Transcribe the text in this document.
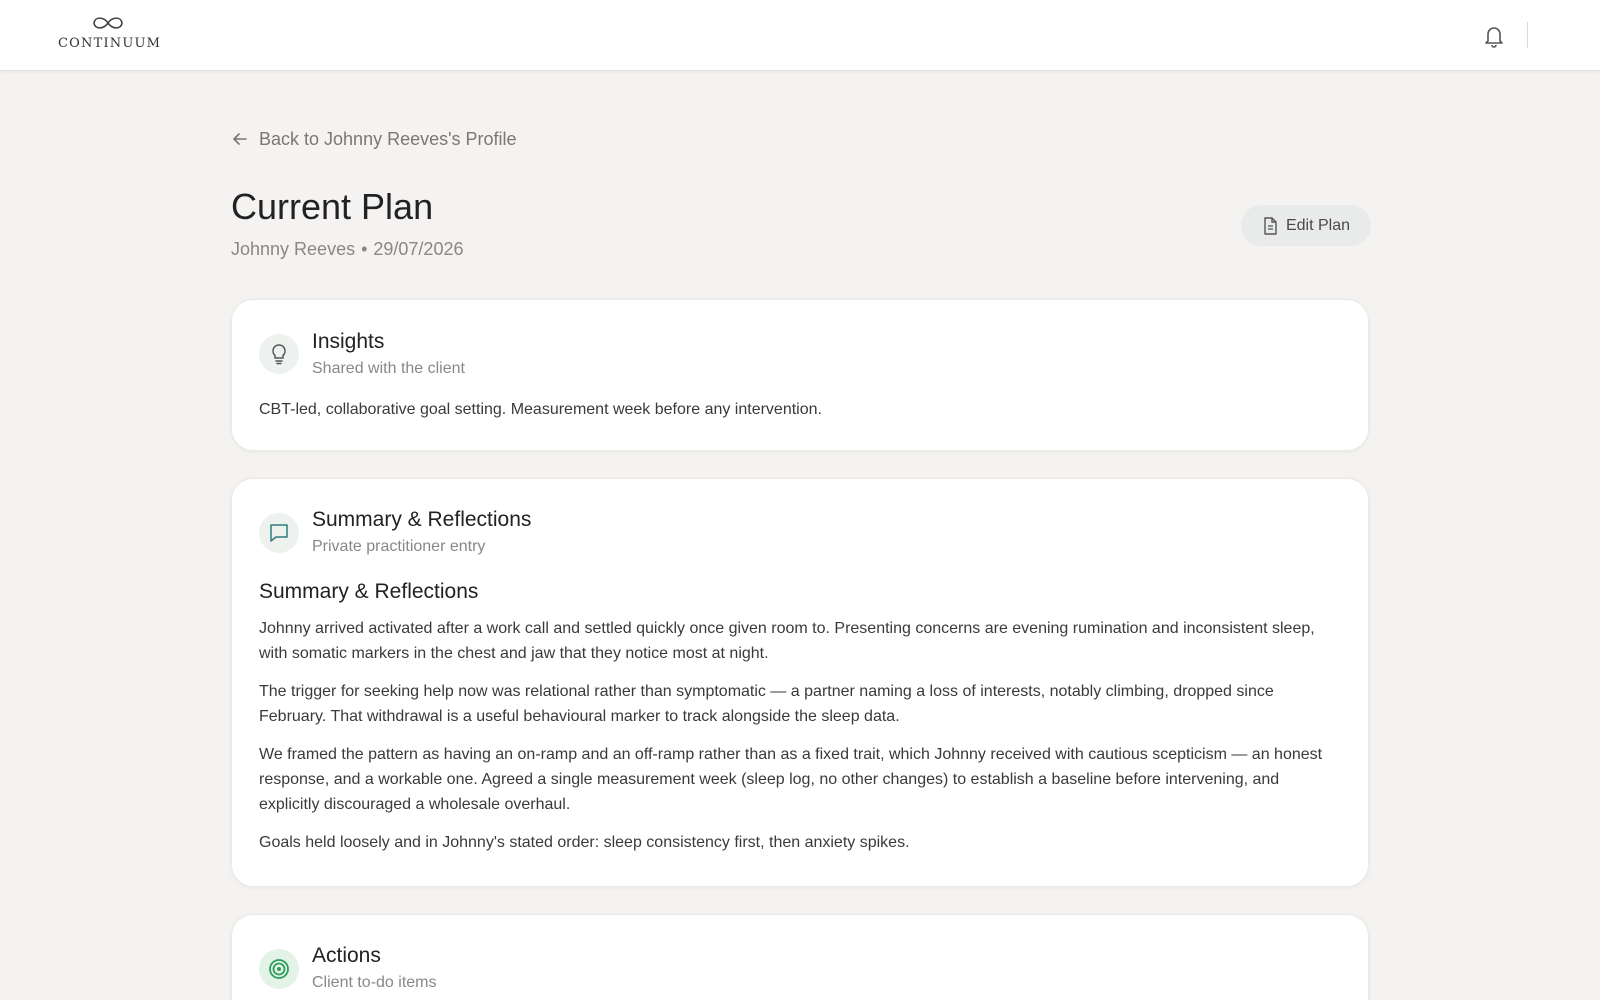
CONTINUUM
Back to Johnny Reeves's Profile
Current Plan
Johnny Reeves • 29/07/2026
Edit Plan
Insights
Shared with the client

CBT-led, collaborative goal setting. Measurement week before any intervention.

Summary & Reflections
Private practitioner entry
Summary & Reflections

Johnny arrived activated after a work call and settled quickly once given room to. Presenting concerns are evening rumination and inconsistent sleep, with somatic markers in the chest and jaw that they notice most at night.

The trigger for seeking help now was relational rather than symptomatic — a partner naming a loss of interests, notably climbing, dropped since February. That withdrawal is a useful behavioural marker to track alongside the sleep data.

We framed the pattern as having an on-ramp and an off-ramp rather than as a fixed trait, which Johnny received with cautious scepticism — an honest response, and a workable one. Agreed a single measurement week (sleep log, no other changes) to establish a baseline before intervening, and explicitly discouraged a wholesale overhaul.

Goals held loosely and in Johnny's stated order: sleep consistency first, then anxiety spikes.

Actions
Client to-do items
